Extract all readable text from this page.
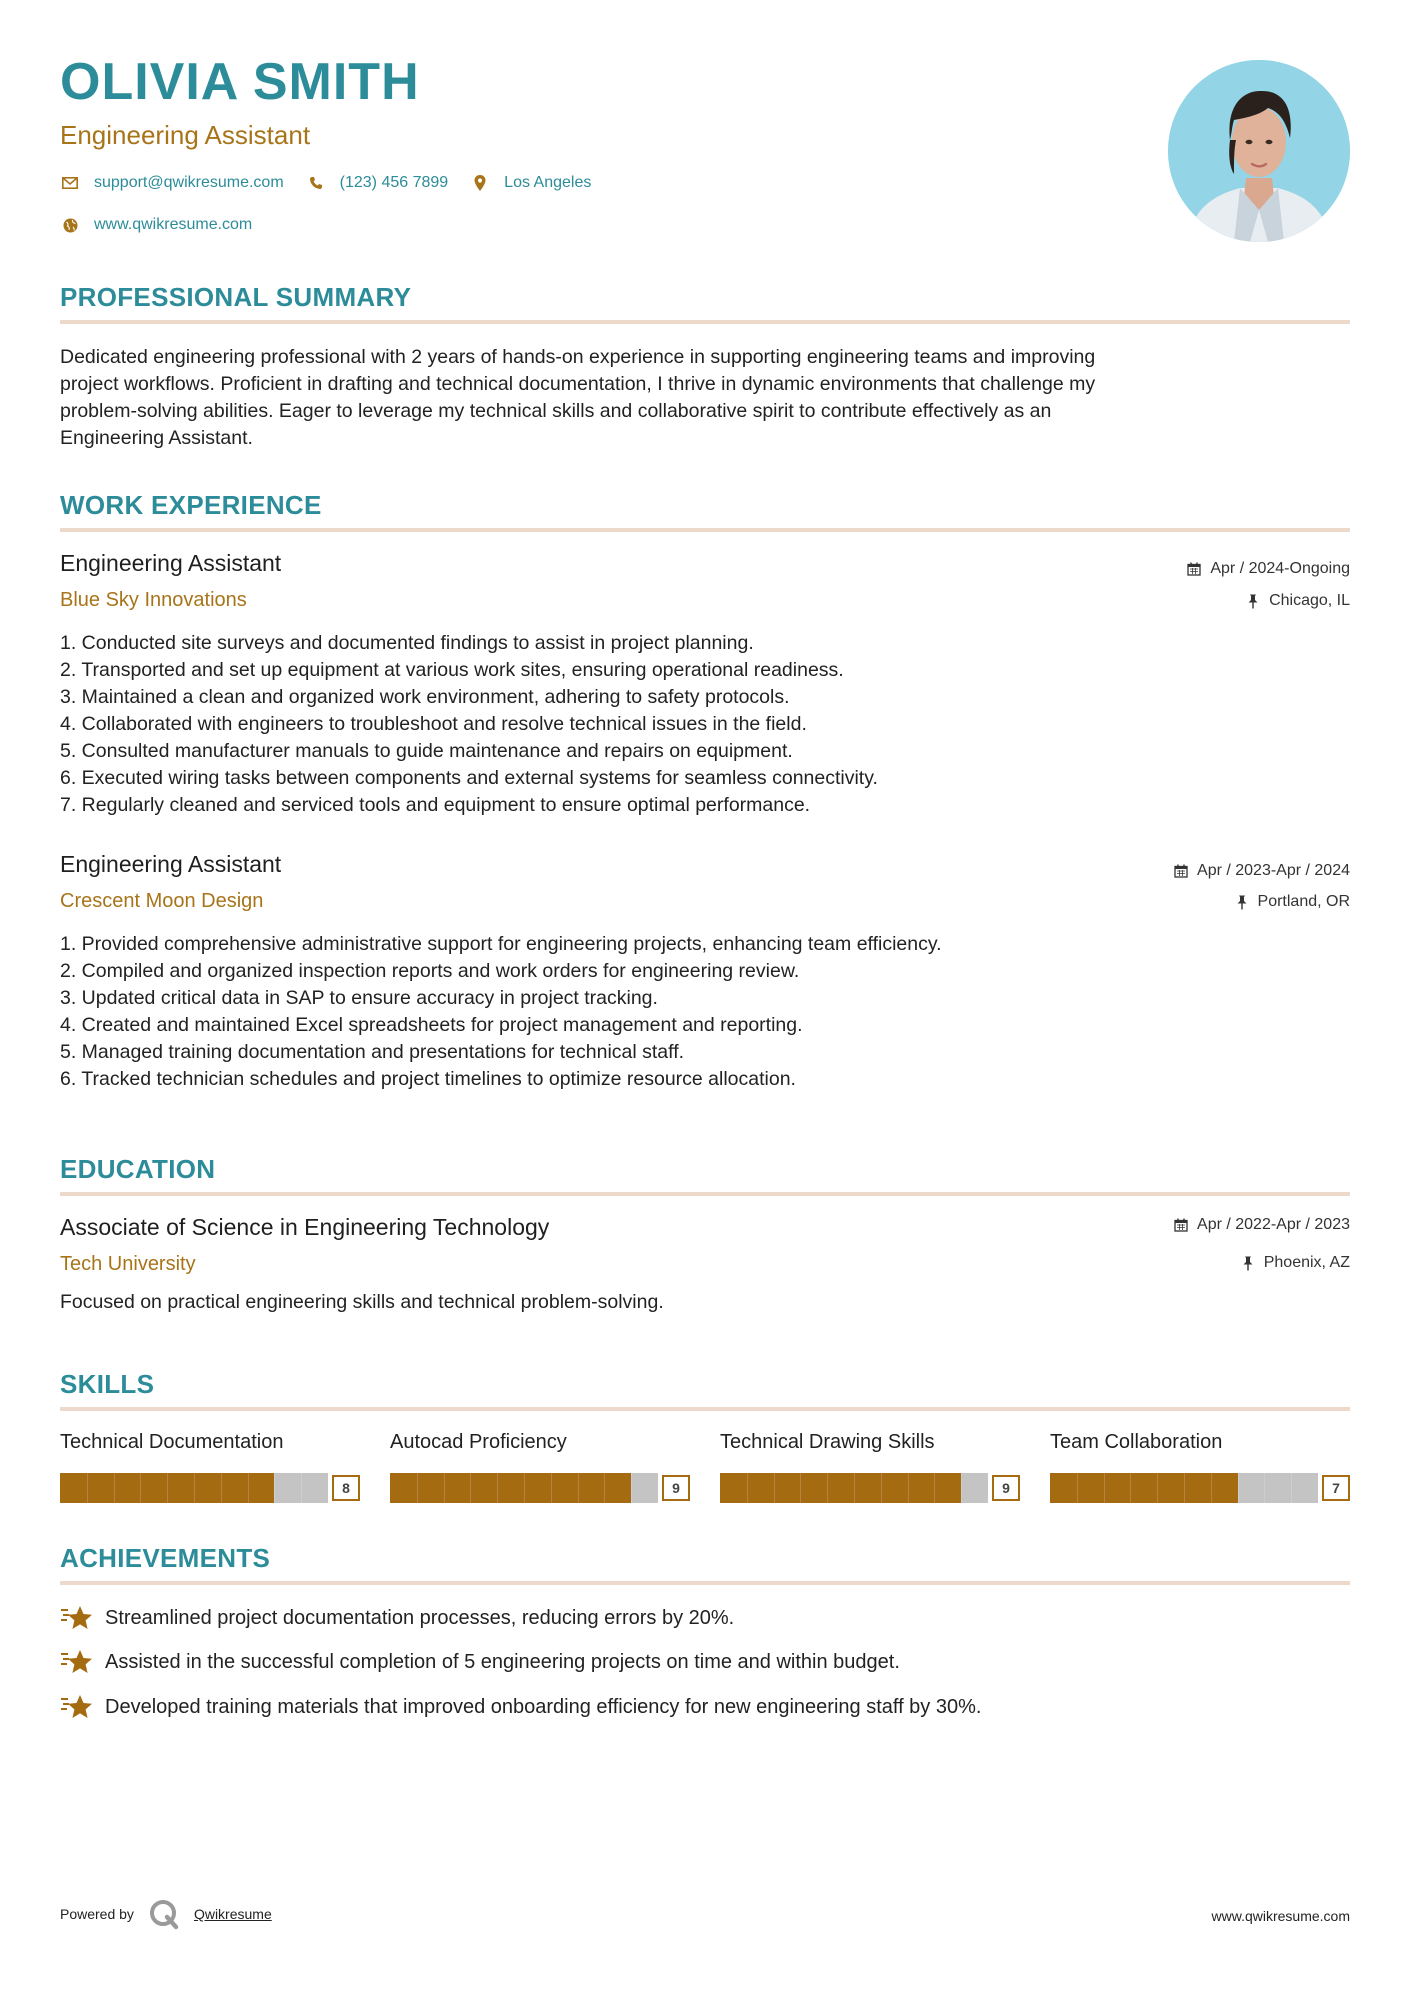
OLIVIA SMITH
Engineering Assistant
support@qwikresume.com	(123) 456 7899	Los Angeles
www.qwikresume.com
PROFESSIONAL SUMMARY
Dedicated engineering professional with 2 years of hands-on experience in supporting engineering teams and improving
project workflows. Proficient in drafting and technical documentation, I thrive in dynamic environments that challenge my
problem-solving abilities. Eager to leverage my technical skills and collaborative spirit to contribute effectively as an
Engineering Assistant.
WORK EXPERIENCE
Engineering Assistant
Blue Sky Innovations
Apr / 2024-Ongoing
Chicago, IL
1. Conducted site surveys and documented findings to assist in project planning.
2. Transported and set up equipment at various work sites, ensuring operational readiness.
3. Maintained a clean and organized work environment, adhering to safety protocols.
4. Collaborated with engineers to troubleshoot and resolve technical issues in the field.
5. Consulted manufacturer manuals to guide maintenance and repairs on equipment.
6. Executed wiring tasks between components and external systems for seamless connectivity.
7. Regularly cleaned and serviced tools and equipment to ensure optimal performance.
Engineering Assistant
Crescent Moon Design
Apr / 2023-Apr / 2024
Portland, OR
1. Provided comprehensive administrative support for engineering projects, enhancing team efficiency.
2. Compiled and organized inspection reports and work orders for engineering review.
3. Updated critical data in SAP to ensure accuracy in project tracking.
4. Created and maintained Excel spreadsheets for project management and reporting.
5. Managed training documentation and presentations for technical staff.
6. Tracked technician schedules and project timelines to optimize resource allocation.
EDUCATION
Associate of Science in Engineering Technology
Tech University
Apr / 2022-Apr / 2023
Phoenix, AZ
Focused on practical engineering skills and technical problem-solving.
SKILLS
Technical Documentation
8
Autocad Proficiency
9
Technical Drawing Skills
9
Team Collaboration
7
ACHIEVEMENTS
Streamlined project documentation processes, reducing errors by 20%.
Assisted in the successful completion of 5 engineering projects on time and within budget.
Developed training materials that improved onboarding efficiency for new engineering staff by 30%.
Powered by	Qwikresume	www.qwikresume.com
